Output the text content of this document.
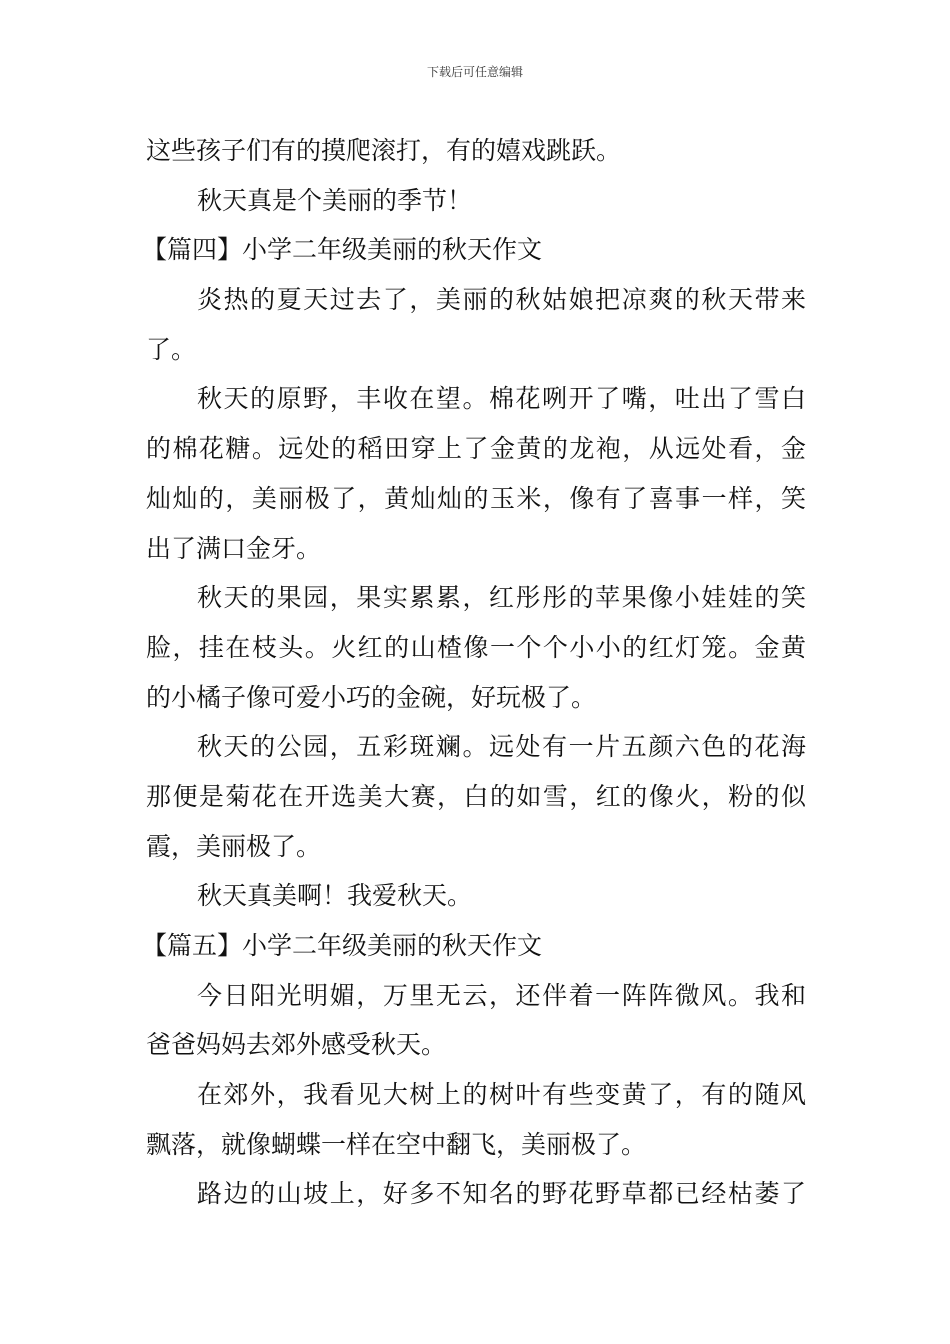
下载后可任意编辑
这些孩子们有的摸爬滚打，有的嬉戏跳跃。
秋天真是个美丽的季节！
【篇四】小学二年级美丽的秋天作文
炎热的夏天过去了，美丽的秋姑娘把凉爽的秋天带来
了。
秋天的原野，丰收在望。棉花咧开了嘴，吐出了雪白
的棉花糖。远处的稻田穿上了金黄的龙袍，从远处看，金
灿灿的，美丽极了，黄灿灿的玉米，像有了喜事一样，笑
出了满口金牙。
秋天的果园，果实累累，红彤彤的苹果像小娃娃的笑
脸，挂在枝头。火红的山楂像一个个小小的红灯笼。金黄
的小橘子像可爱小巧的金碗，好玩极了。
秋天的公园，五彩斑斓。远处有一片五颜六色的花海
那便是菊花在开选美大赛，白的如雪，红的像火，粉的似
霞，美丽极了。
秋天真美啊！我爱秋天。
【篇五】小学二年级美丽的秋天作文
今日阳光明媚，万里无云，还伴着一阵阵微风。我和
爸爸妈妈去郊外感受秋天。
在郊外，我看见大树上的树叶有些变黄了，有的随风
飘落，就像蝴蝶一样在空中翻飞，美丽极了。
路边的山坡上，好多不知名的野花野草都已经枯萎了
